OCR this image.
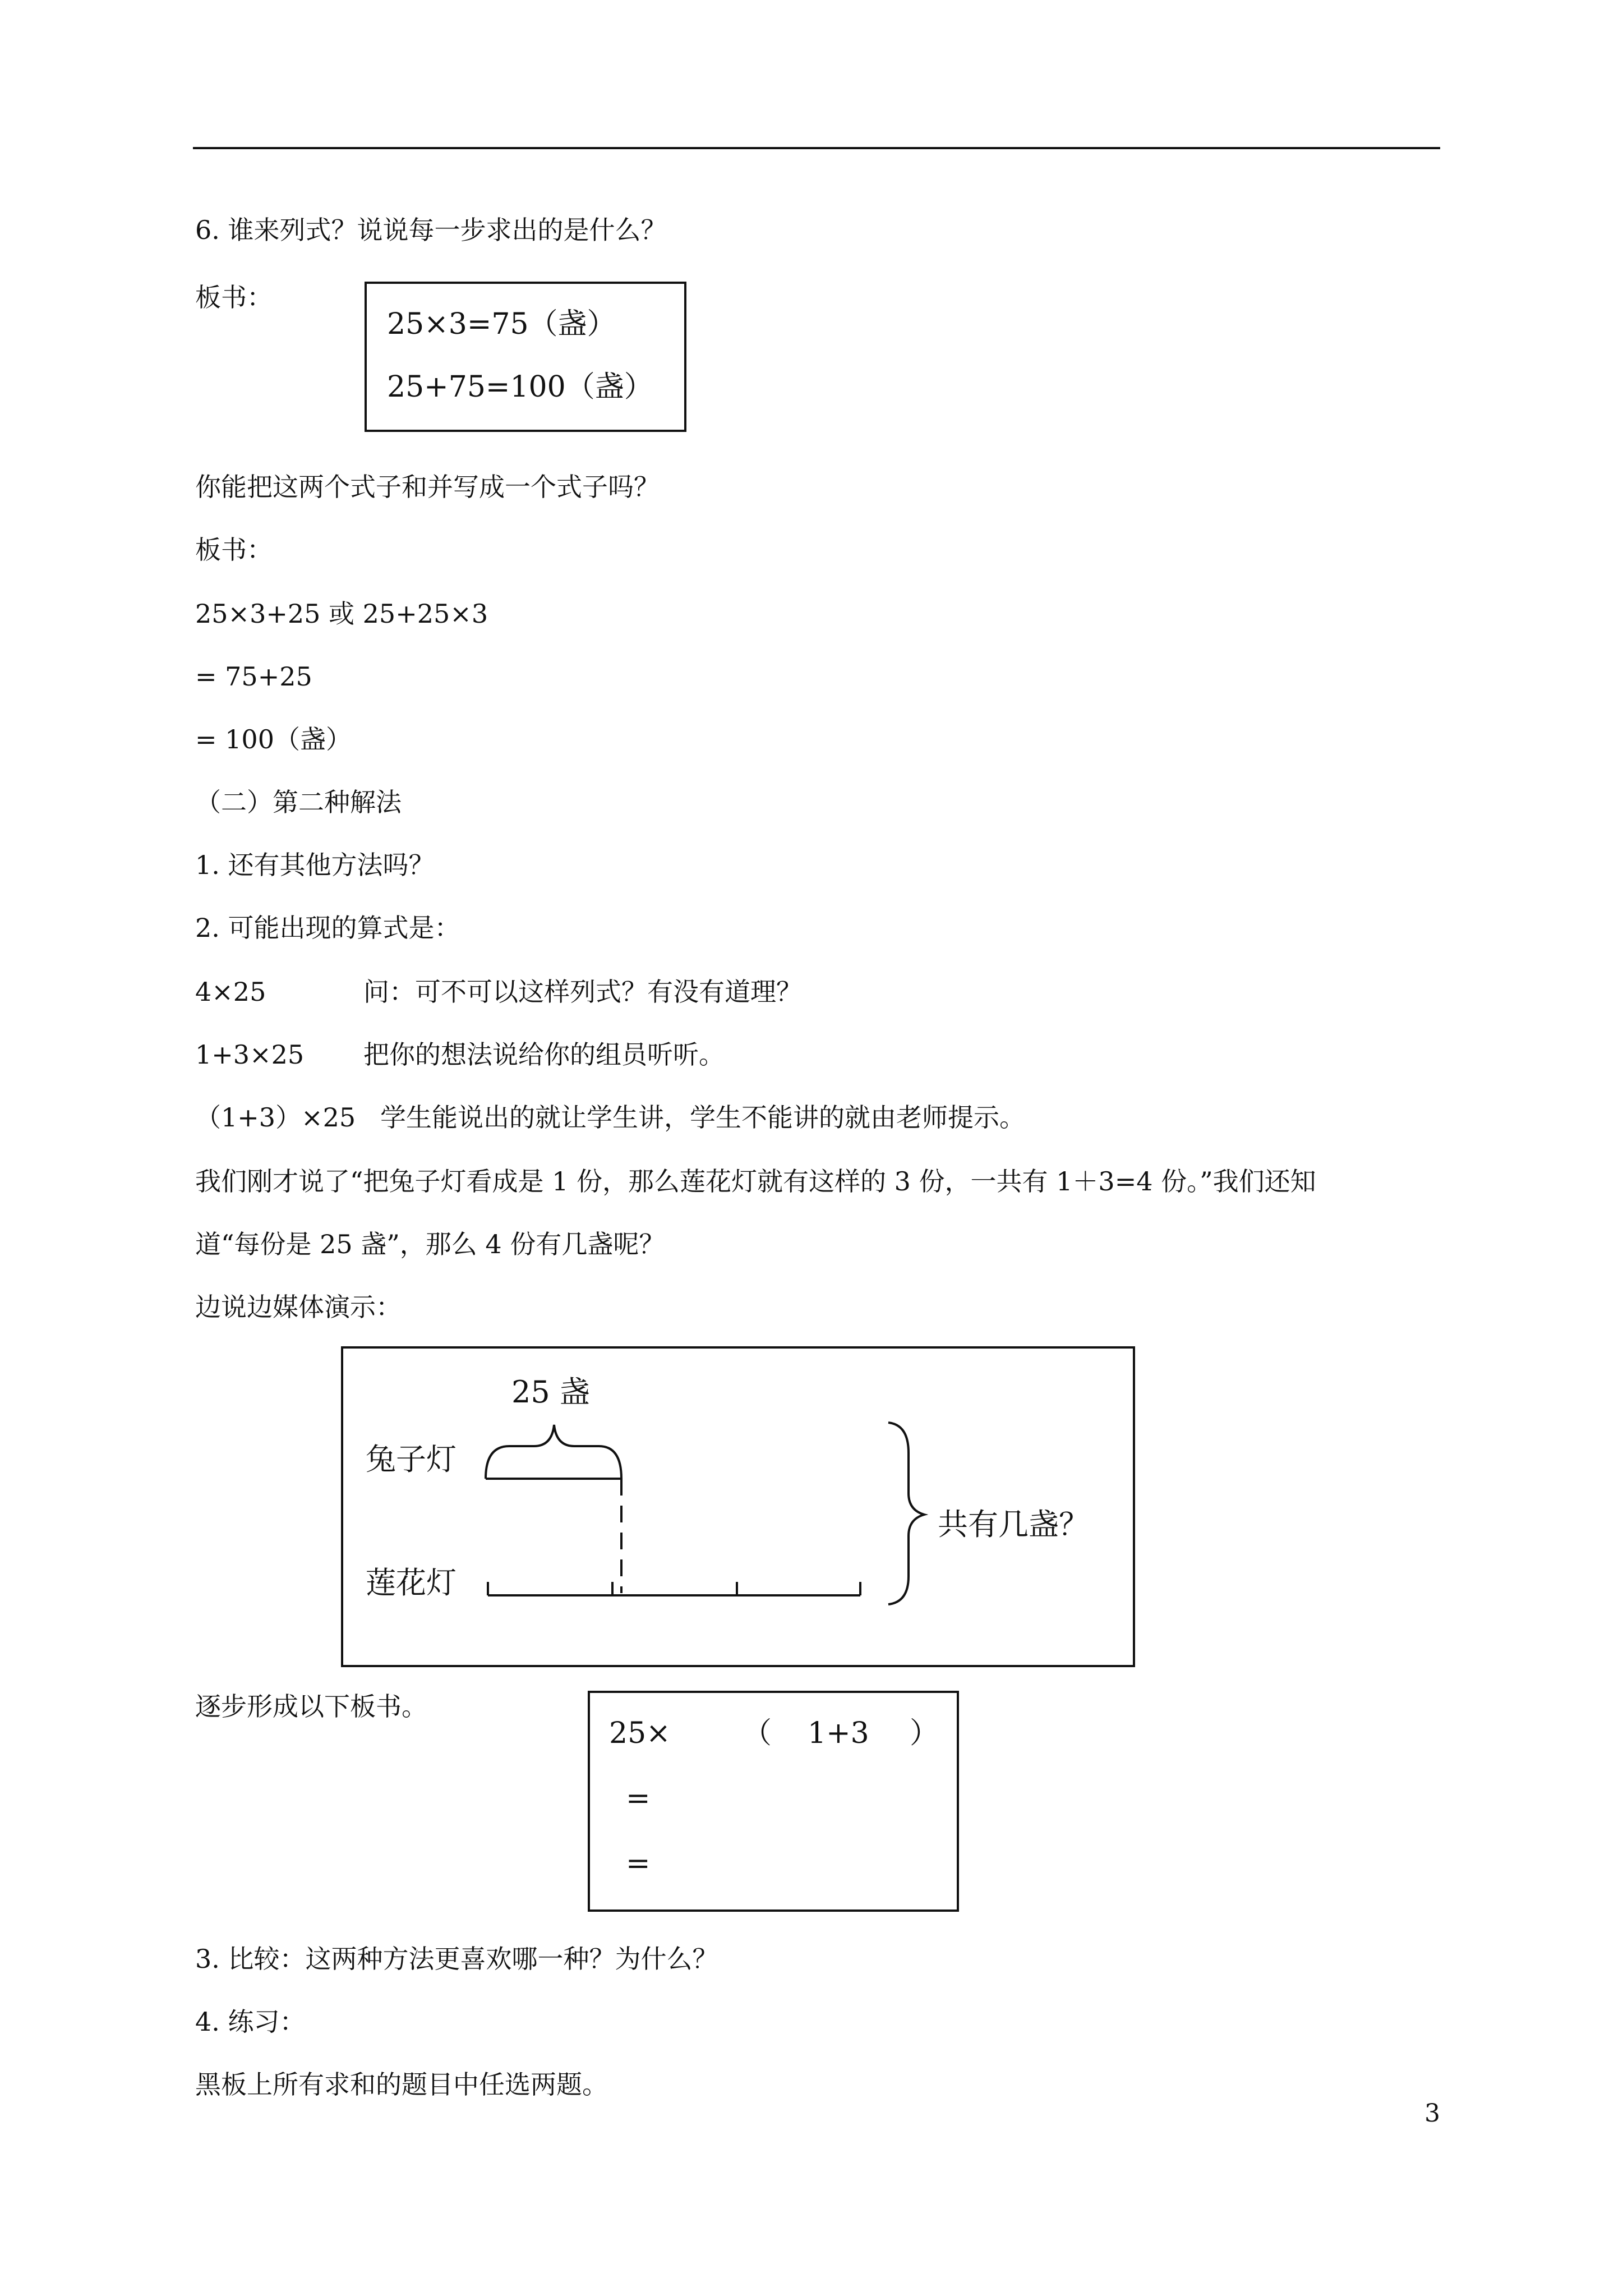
6. 谁来列式？说说每一步求出的是什么？
板书：
25×3=75（盏）
25+75=100（盏）
你能把这两个式子和并写成一个式子吗？
板书：
25×3+25 或 25+25×3
= 75+25
= 100（盏）
（二）第二种解法
1. 还有其他方法吗？
2. 可能出现的算式是：
4×25	问：可不可以这样列式？有没有道理？
1+3×25 把你的想法说给你的组员听听。
（1+3）×25 学生能说出的就让学生讲，学生不能讲的就由老师提示。
我们刚才说了“把兔子灯看成是 1 份，那么莲花灯就有这样的 3 份，一共有 1＋3=4 份。”我们还知
道“每份是 25 盏”，那么 4 份有几盏呢？
边说边媒体演示：
25 盏
兔子灯
莲花灯
共有几盏？
逐步形成以下板书。
25× （ 1+3 ）
=
=
3. 比较：这两种方法更喜欢哪一种？为什么？
4. 练习：
黑板上所有求和的题目中任选两题。
3
